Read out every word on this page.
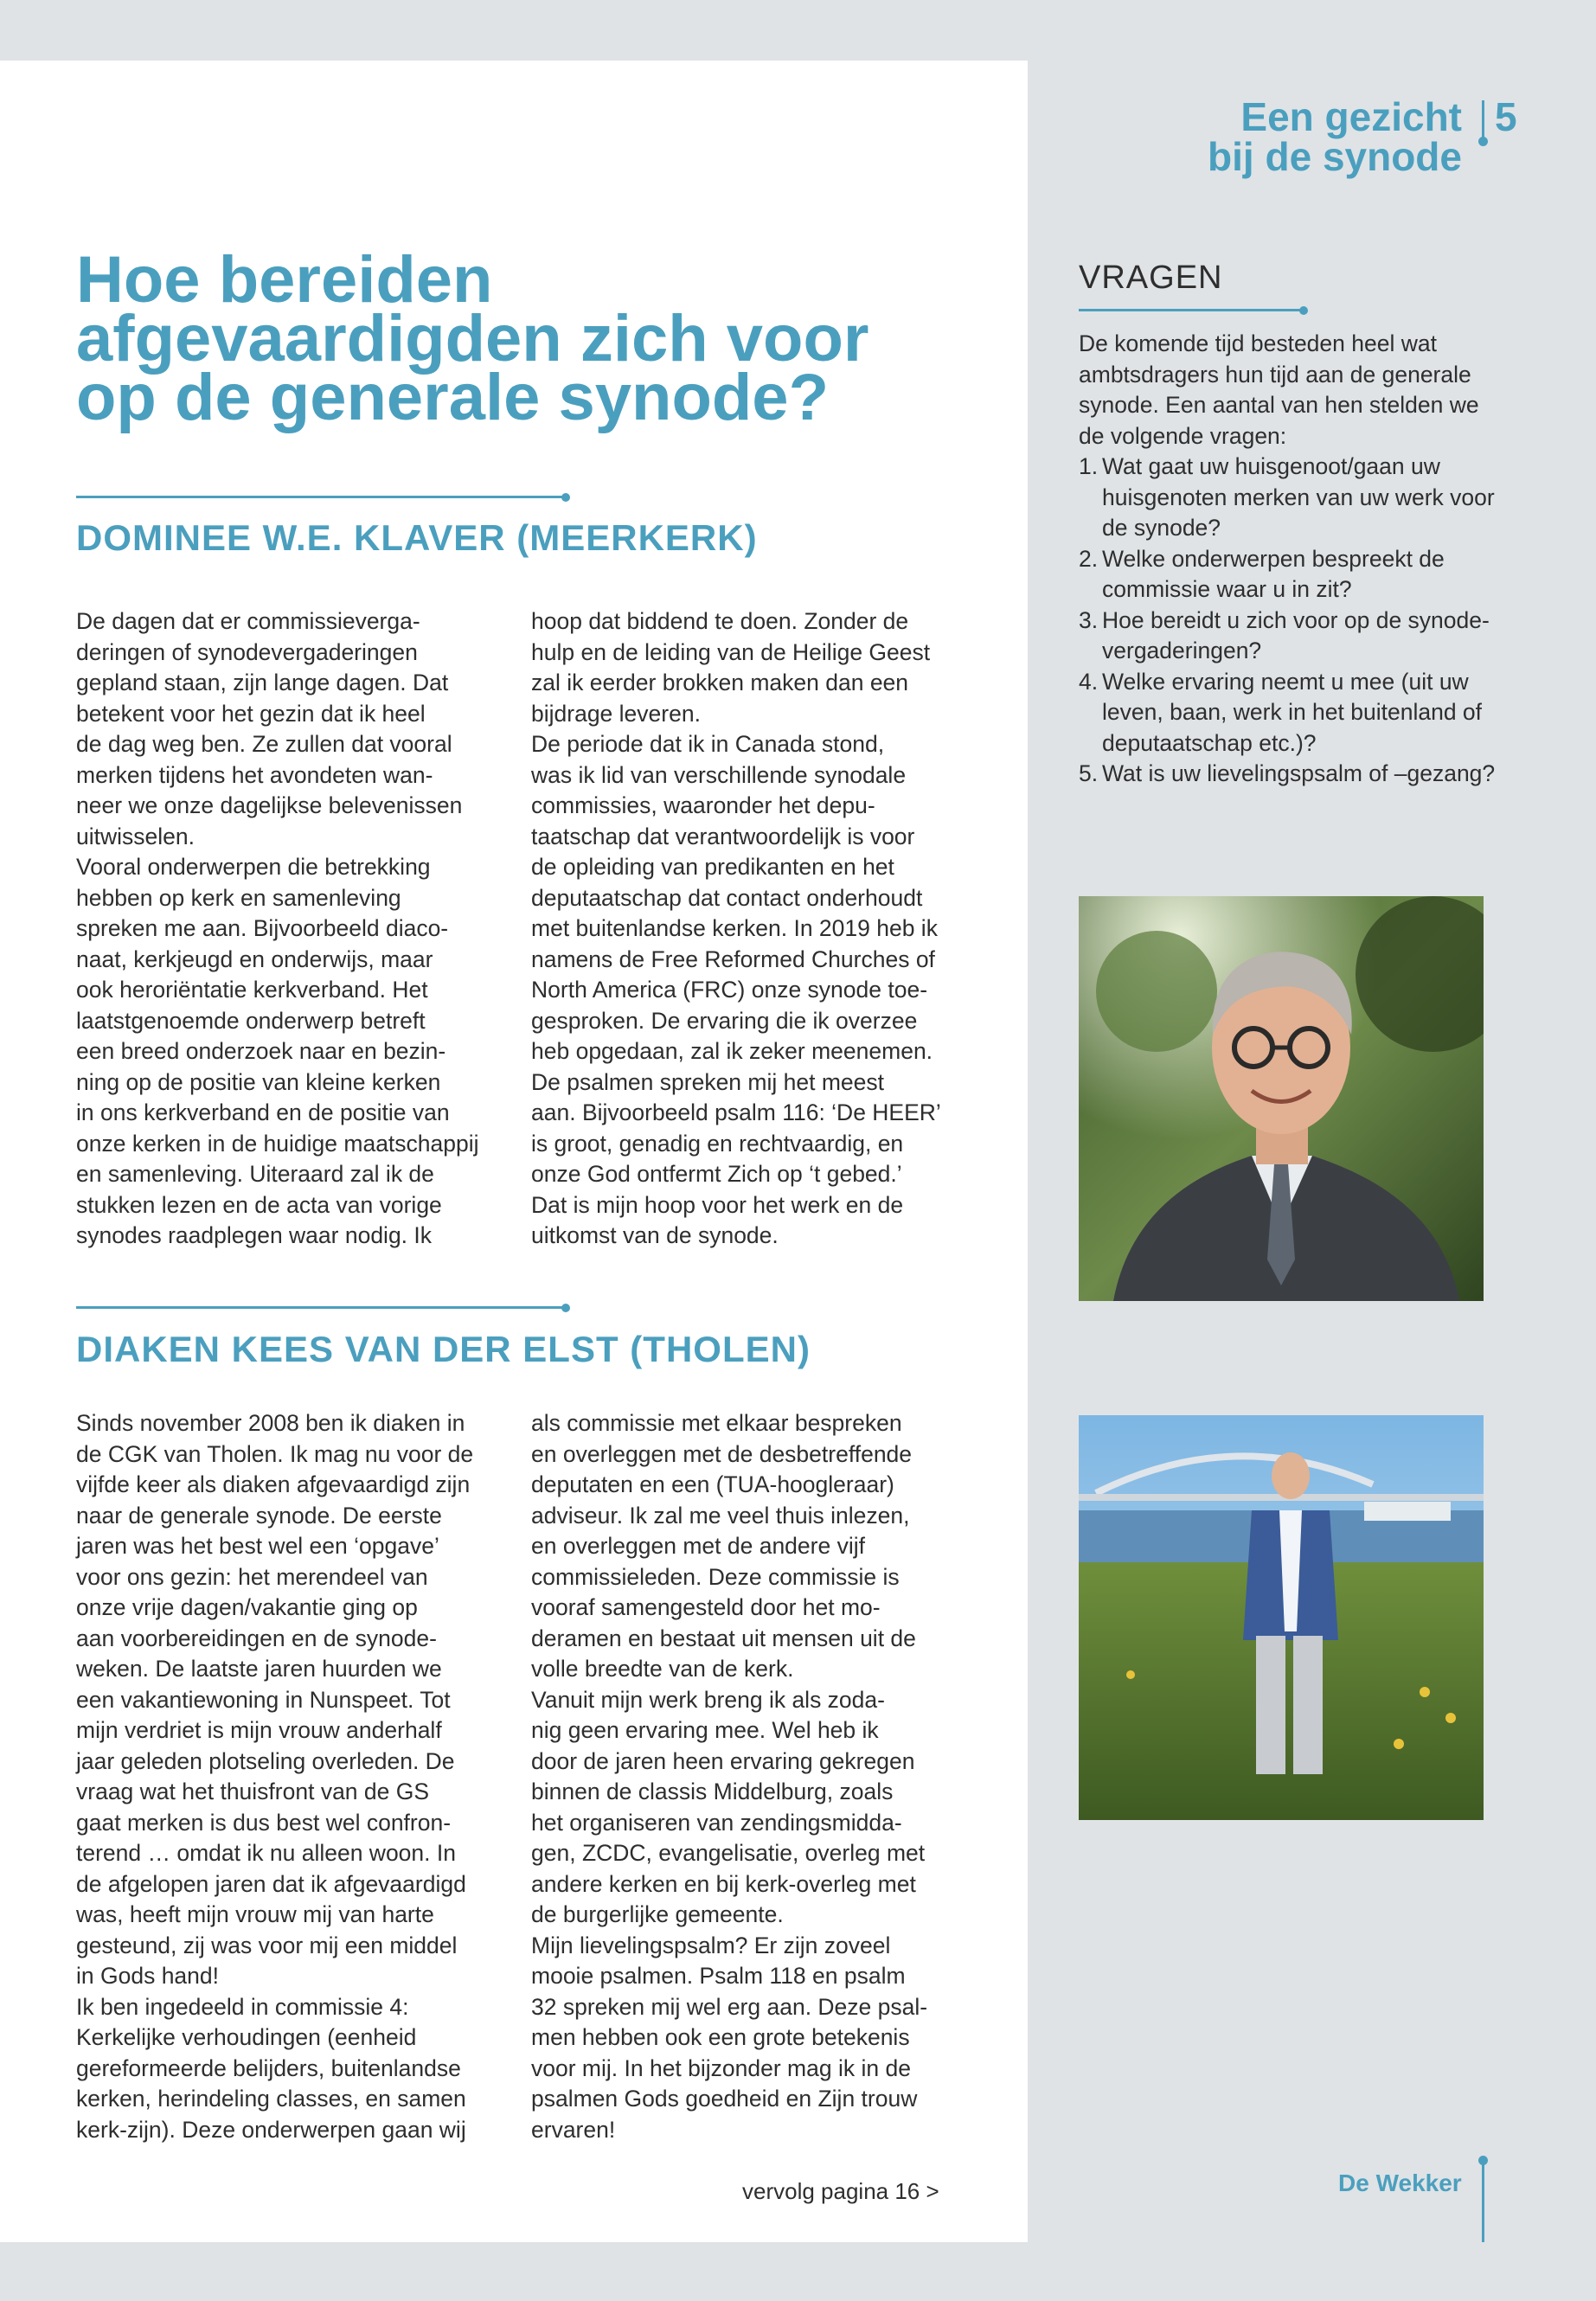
Een gezicht
bij de synode
5
Hoe bereiden
afgevaardigden zich voor
op de generale synode?
DOMINEE W.E. KLAVER (MEERKERK)
De dagen dat er commissieverga-
deringen of synodevergaderingen
gepland staan, zijn lange dagen. Dat
betekent voor het gezin dat ik heel
de dag weg ben. Ze zullen dat vooral
merken tijdens het avondeten wan-
neer we onze dagelijkse belevenissen
uitwisselen.
Vooral onderwerpen die betrekking
hebben op kerk en samenleving
spreken me aan. Bijvoorbeeld diaco-
naat, kerkjeugd en onderwijs, maar
ook heroriëntatie kerkverband. Het
laatstgenoemde onderwerp betreft
een breed onderzoek naar en bezin-
ning op de positie van kleine kerken
in ons kerkverband en de positie van
onze kerken in de huidige maatschappij
en samenleving. Uiteraard zal ik de
stukken lezen en de acta van vorige
synodes raadplegen waar nodig. Ik
hoop dat biddend te doen. Zonder de
hulp en de leiding van de Heilige Geest
zal ik eerder brokken maken dan een
bijdrage leveren.
De periode dat ik in Canada stond,
was ik lid van verschillende synodale
commissies, waaronder het depu-
taatschap dat verantwoordelijk is voor
de opleiding van predikanten en het
deputaatschap dat contact onderhoudt
met buitenlandse kerken. In 2019 heb ik
namens de Free Reformed Churches of
North America (FRC) onze synode toe-
gesproken. De ervaring die ik overzee
heb opgedaan, zal ik zeker meenemen.
De psalmen spreken mij het meest
aan. Bijvoorbeeld psalm 116: ‘De HEER’
is groot, genadig en rechtvaardig, en
onze God ontfermt Zich op ‘t gebed.’
Dat is mijn hoop voor het werk en de
uitkomst van de synode.
DIAKEN KEES VAN DER ELST (THOLEN)
Sinds november 2008 ben ik diaken in
de CGK van Tholen. Ik mag nu voor de
vijfde keer als diaken afgevaardigd zijn
naar de generale synode. De eerste
jaren was het best wel een ‘opgave’
voor ons gezin: het merendeel van
onze vrije dagen/vakantie ging op
aan voorbereidingen en de synode-
weken. De laatste jaren huurden we
een vakantiewoning in Nunspeet. Tot
mijn verdriet is mijn vrouw anderhalf
jaar geleden plotseling overleden. De
vraag wat het thuisfront van de GS
gaat merken is dus best wel confron-
terend … omdat ik nu alleen woon. In
de afgelopen jaren dat ik afgevaardigd
was, heeft mijn vrouw mij van harte
gesteund, zij was voor mij een middel
in Gods hand!
Ik ben ingedeeld in commissie 4:
Kerkelijke verhoudingen (eenheid
gereformeerde belijders, buitenlandse
kerken, herindeling classes, en samen
kerk-zijn). Deze onderwerpen gaan wij
als commissie met elkaar bespreken
en overleggen met de desbetreffende
deputaten en een (TUA-hoogleraar)
adviseur. Ik zal me veel thuis inlezen,
en overleggen met de andere vijf
commissieleden. Deze commissie is
vooraf samengesteld door het mo-
deramen en bestaat uit mensen uit de
volle breedte van de kerk.
Vanuit mijn werk breng ik als zoda-
nig geen ervaring mee. Wel heb ik
door de jaren heen ervaring gekregen
binnen de classis Middelburg, zoals
het organiseren van zendingsmidda-
gen, ZCDC, evangelisatie, overleg met
andere kerken en bij kerk-overleg met
de burgerlijke gemeente.
Mijn lievelingspsalm? Er zijn zoveel
mooie psalmen. Psalm 118 en psalm
32 spreken mij wel erg aan. Deze psal-
men hebben ook een grote betekenis
voor mij. In het bijzonder mag ik in de
psalmen Gods goedheid en Zijn trouw
ervaren!
vervolg pagina 16 >
VRAGEN
De komende tijd besteden heel wat
ambtsdragers hun tijd aan de generale
synode. Een aantal van hen stelden we
de volgende vragen:
1. Wat gaat uw huisgenoot/gaan uw
huisgenoten merken van uw werk voor
de synode?
2. Welke onderwerpen bespreekt de
commissie waar u in zit?
3. Hoe bereidt u zich voor op de synode-
vergaderingen?
4. Welke ervaring neemt u mee (uit uw
leven, baan, werk in het buitenland of
deputaatschap etc.)?
5. Wat is uw lievelingspsalm of –gezang?
De Wekker
